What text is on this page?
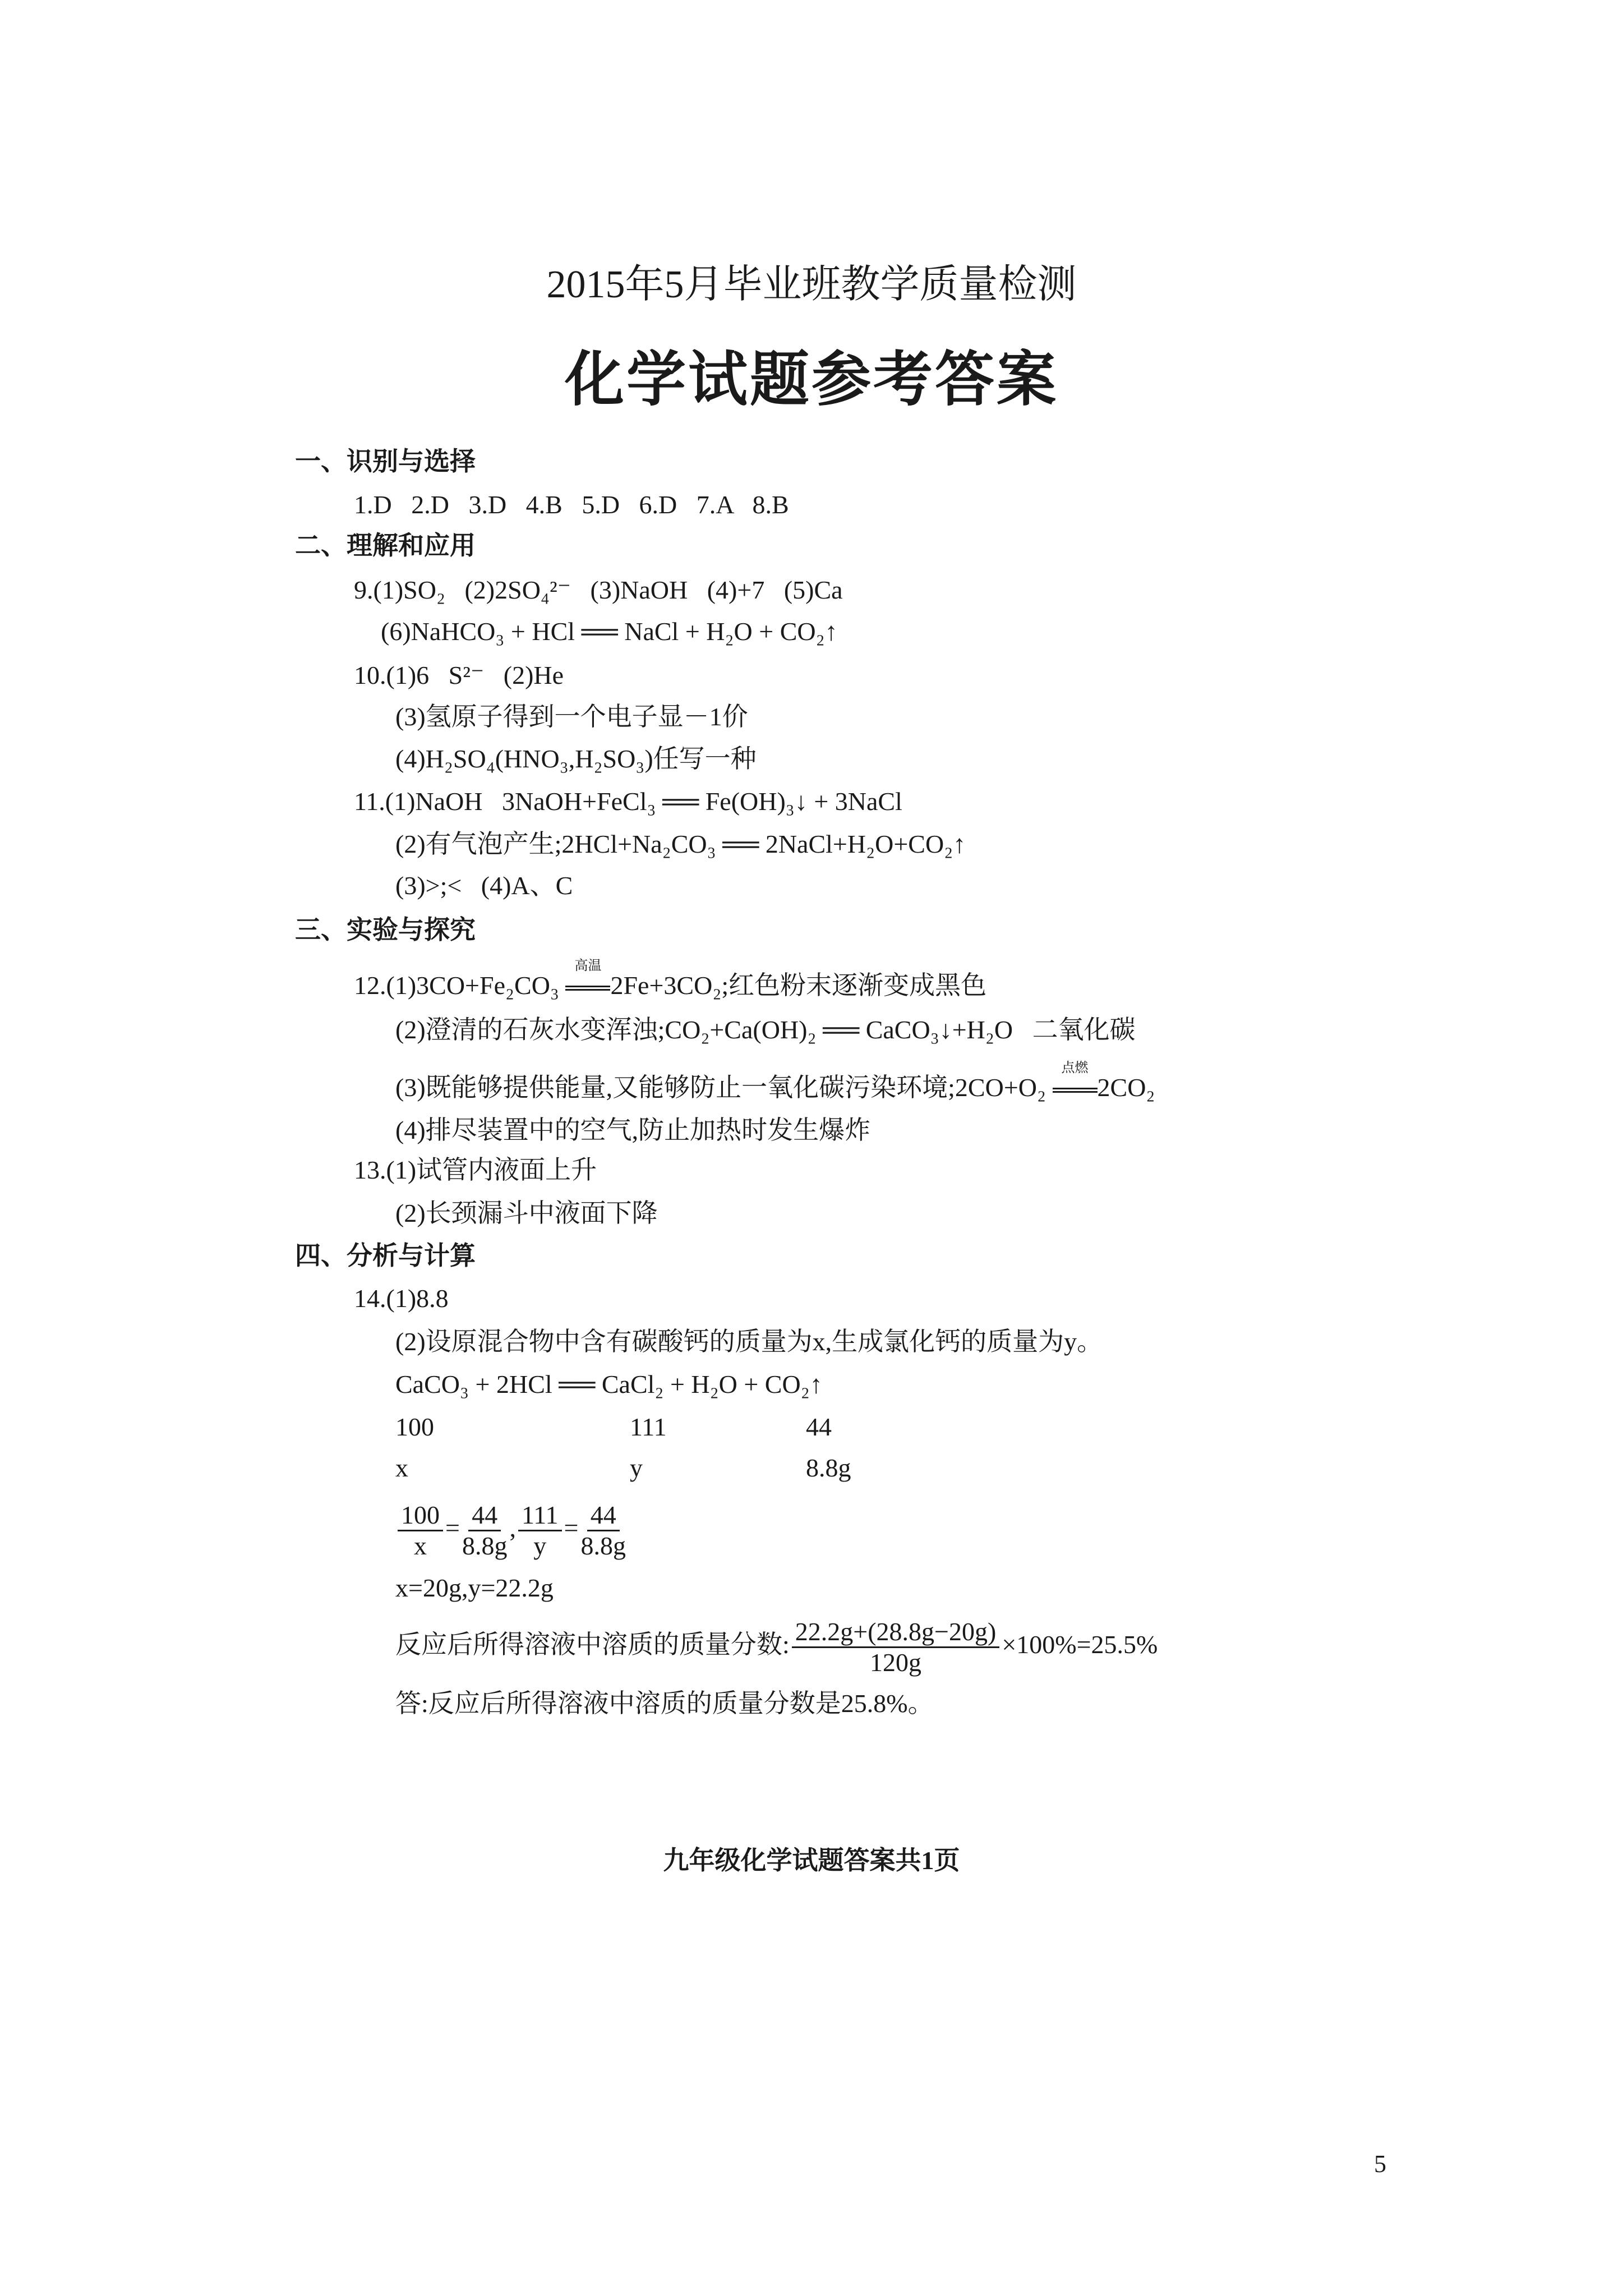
2015年5月毕业班教学质量检测
化学试题参考答案
一、识别与选择
1.D   2.D   3.D   4.B   5.D   6.D   7.A   8.B
二、理解和应用
9.(1)SO₂   (2)2SO₄²⁻   (3)NaOH   (4)+7   (5)Ca
(6)NaHCO₃ + HCl ══ NaCl + H₂O + CO₂↑
10.(1)6   S²⁻   (2)He
(3)氢原子得到一个电子显－1价
(4)H₂SO₄(HNO₃,H₂SO₃)任写一种
11.(1)NaOH   3NaOH+FeCl₃ ══ Fe(OH)₃↓ + 3NaCl
(2)有气泡产生;2HCl+Na₂CO₃ ══ 2NaCl+H₂O+CO₂↑
(3)>;<   (4)A、C
三、实验与探究
12.(1)3CO+Fe₂CO₃
高温
2Fe+3CO₂;红色粉末逐渐变成黑色
(2)澄清的石灰水变浑浊;CO₂+Ca(OH)₂ ══ CaCO₃↓+H₂O   二氧化碳
(3)既能够提供能量,又能够防止一氧化碳污染环境;2CO+O₂
点燃
2CO₂
(4)排尽装置中的空气,防止加热时发生爆炸
13.(1)试管内液面上升
(2)长颈漏斗中液面下降
四、分析与计算
14.(1)8.8
(2)设原混合物中含有碳酸钙的质量为x,生成氯化钙的质量为y。
CaCO₃ + 2HCl ══ CaCl₂ + H₂O + CO₂↑
100	111	44
x	y	8.8g
$\frac{100}{x} = \frac{44}{8.8g}$ , $\frac{111}{y} = \frac{44}{8.8g}$
x=20g,y=22.2g
反应后所得溶液中溶质的质量分数: $\frac{22.2g+(28.8g-20g)}{120g} \times 100\%=25.5\%$
答:反应后所得溶液中溶质的质量分数是25.8%。
九年级化学试题答案共1页
5
